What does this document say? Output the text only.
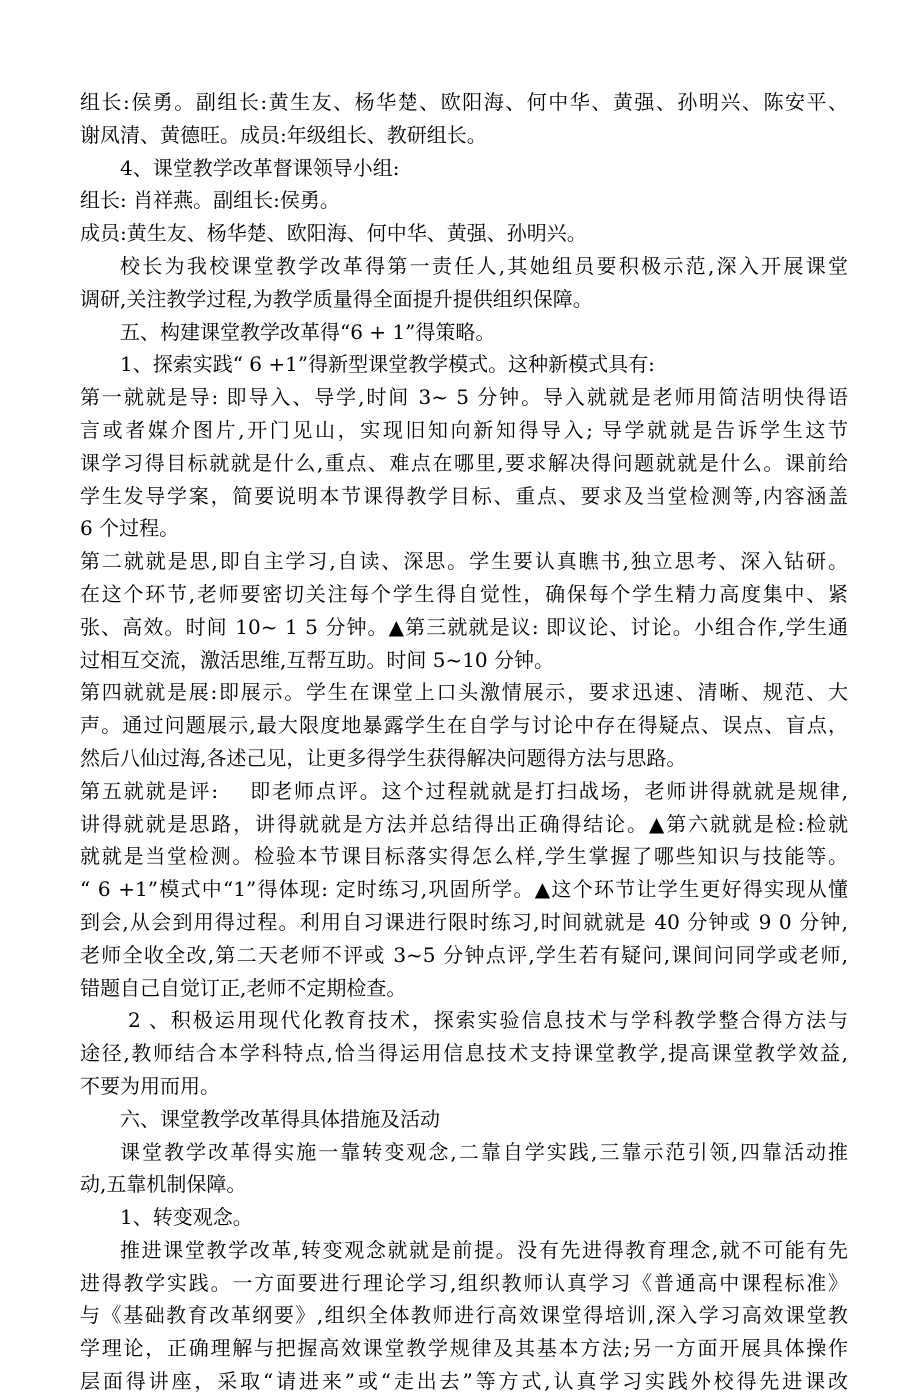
组长:侯勇。副组长:黄生友、杨华楚、欧阳海、何中华、黄强、孙明兴、陈安平、
谢凤清、黄德旺。成员:年级组长、教研组长。
4、课堂教学改革督课领导小组:
组长: 肖祥燕。副组长:侯勇。
成员:黄生友、杨华楚、欧阳海、何中华、黄强、孙明兴。
校长为我校课堂教学改革得第一责任人,其她组员要积极示范,深入开展课堂
调研,关注教学过程,为教学质量得全面提升提供组织保障。
五、构建课堂教学改革得“6 + 1”得策略。
1、探索实践“ 6 +1”得新型课堂教学模式。这种新模式具有:
第一就就是导: 即导入、导学,时间 3~ 5 分钟。导入就就是老师用简洁明快得语
言或者媒介图片,开门见山，实现旧知向新知得导入; 导学就就是告诉学生这节
课学习得目标就就是什么,重点、难点在哪里,要求解决得问题就就是什么。课前给
学生发导学案，简要说明本节课得教学目标、重点、要求及当堂检测等,内容涵盖
6 个过程。
第二就就是思,即自主学习,自读、深思。学生要认真瞧书,独立思考、深入钻研。
在这个环节,老师要密切关注每个学生得自觉性，确保每个学生精力高度集中、紧
张、高效。时间 10~ 1 5 分钟。▲第三就就是议: 即议论、讨论。小组合作,学生通
过相互交流，激活思维,互帮互助。时间 5~10 分钟。
第四就就是展:即展示。学生在课堂上口头激情展示，要求迅速、清晰、规范、大
声。通过问题展示,最大限度地暴露学生在自学与讨论中存在得疑点、误点、盲点，
然后八仙过海,各述己见，让更多得学生获得解决问题得方法与思路。
第五就就是评:　 即老师点评。这个过程就就是打扫战场，老师讲得就就是规律,
讲得就就是思路，讲得就就是方法并总结得出正确得结论。▲第六就就是检:检就
就就是当堂检测。检验本节课目标落实得怎么样,学生掌握了哪些知识与技能等。
“ 6 +1”模式中“1”得体现: 定时练习,巩固所学。▲这个环节让学生更好得实现从懂
到会,从会到用得过程。利用自习课进行限时练习,时间就就是 40 分钟或 9 0 分钟,
老师全收全改,第二天老师不评或 3~5 分钟点评,学生若有疑问,课间问同学或老师,
错题自己自觉订正,老师不定期检查。
2 、积极运用现代化教育技术，探索实验信息技术与学科教学整合得方法与
途径,教师结合本学科特点,恰当得运用信息技术支持课堂教学,提高课堂教学效益,
不要为用而用。
六、课堂教学改革得具体措施及活动
课堂教学改革得实施一靠转变观念,二靠自学实践,三靠示范引领,四靠活动推
动,五靠机制保障。
1、转变观念。
推进课堂教学改革,转变观念就就是前提。没有先进得教育理念,就不可能有先
进得教学实践。一方面要进行理论学习,组织教师认真学习《普通高中课程标准》
与《基础教育改革纲要》,组织全体教师进行高效课堂得培训,深入学习高效课堂教
学理论，正确理解与把握高效课堂教学规律及其基本方法;另一方面开展具体操作
层面得讲座，采取“请进来”或“走出去”等方式,认真学习实践外校得先进课改
